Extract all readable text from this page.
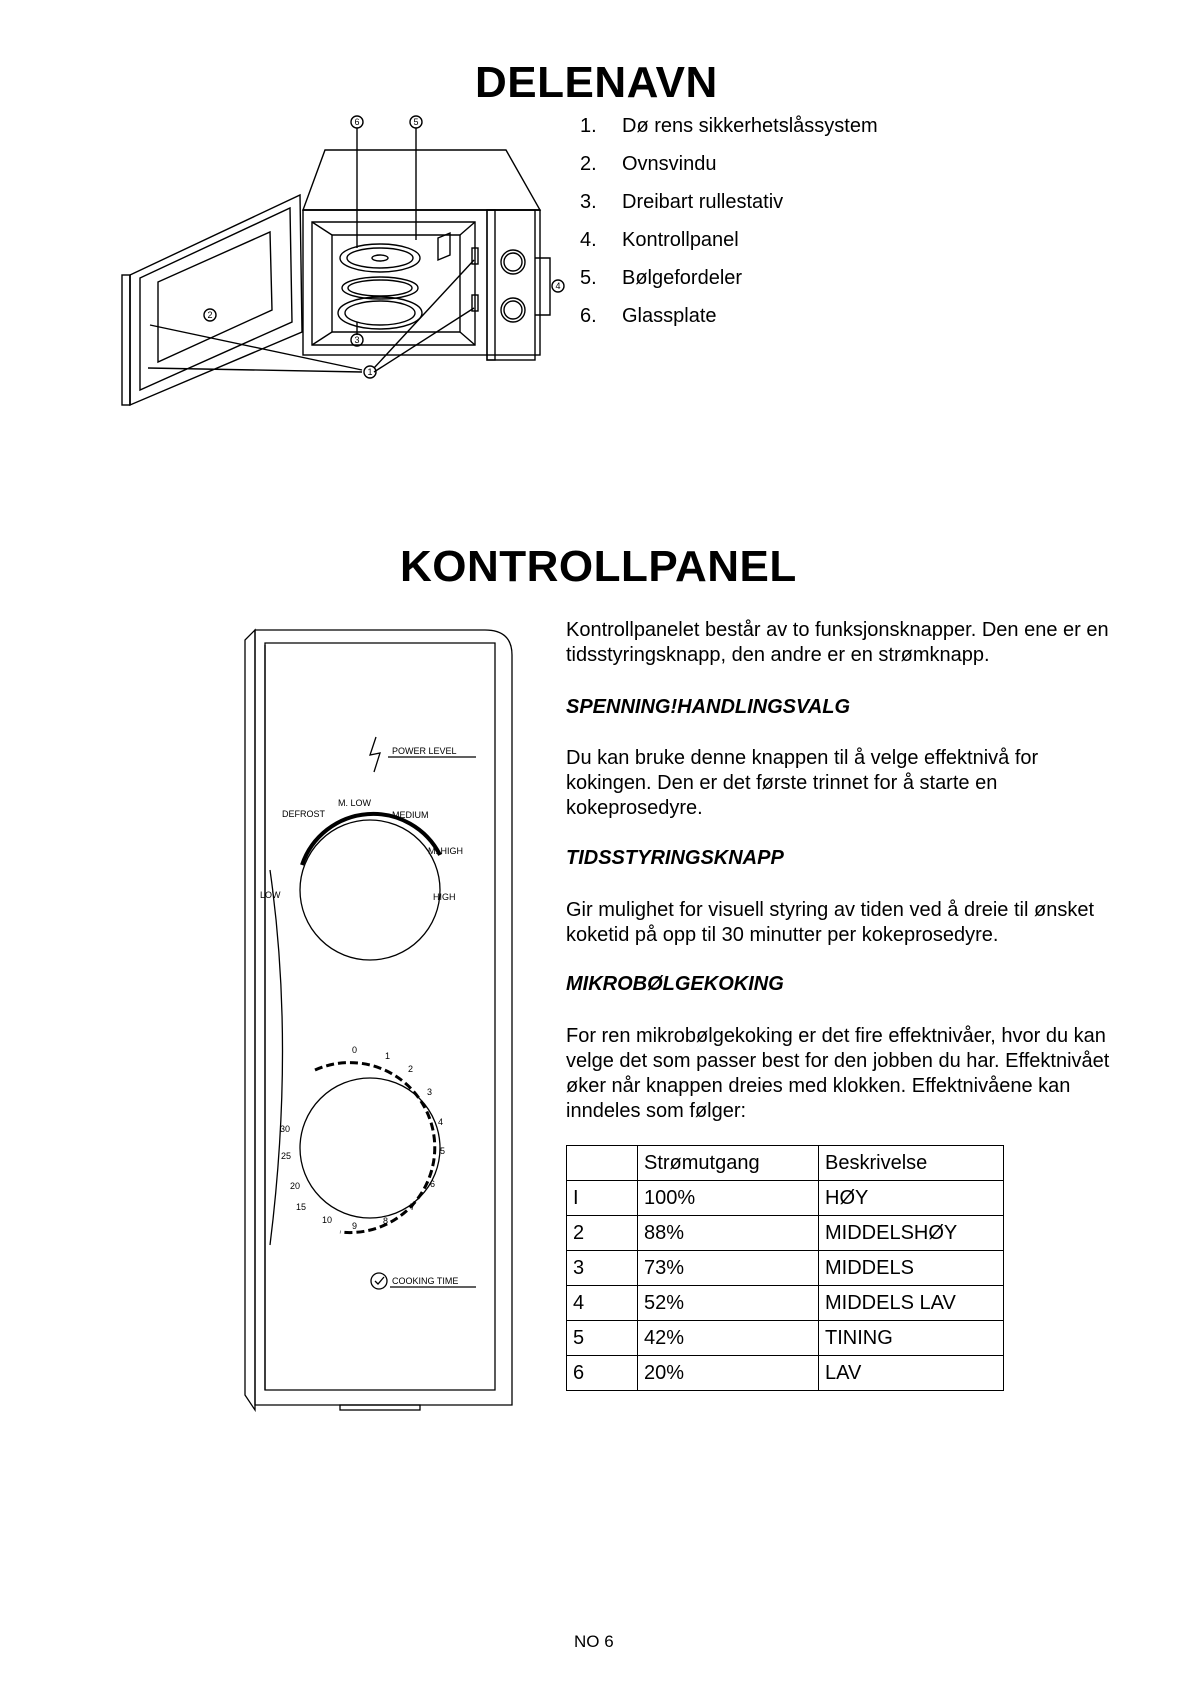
DELENAVN
6	5
3
1
2
4
1.	Dø rens sikkerhetslåssystem
2.	Ovnsvindu
3.	Dreibart rullestativ
4.	Kontrollpanel
5.	Bølgefordeler
6.	Glassplate
KONTROLLPANEL
POWER LEVEL
LOW
DEFROST
M. LOW
MEDIUM
M. HIGH
HIGH
COOKING TIME
0
1
2
3
4
5
6
7
8
9
10
15
20
25
30
Kontrollpanelet består av to funksjonsknapper. Den ene er en tidsstyringsknapp, den andre er en strømknapp.
SPENNING!HANDLINGSVALG
Du kan bruke denne knappen til å velge effektnivå for kokingen. Den er det første trinnet for å starte en kokeprosedyre.
TIDSSTYRINGSKNAPP
Gir mulighet for visuell styring av tiden ved å dreie til ønsket koketid på opp til 30 minutter per kokeprosedyre.
MIKROBØLGEKOKING
For ren mikrobølgekoking er det fire effektnivåer, hvor du kan velge det som passer best for den jobben du har. Effektnivået øker når knappen dreies med klokken. Effektnivåene kan inndeles som følger:
	Strømutgang	Beskrivelse
I	100%	HØY
2	88%	MIDDELSHØY
3	73%	MIDDELS
4	52%	MIDDELS LAV
5	42%	TINING
6	20%	LAV
NO 6
